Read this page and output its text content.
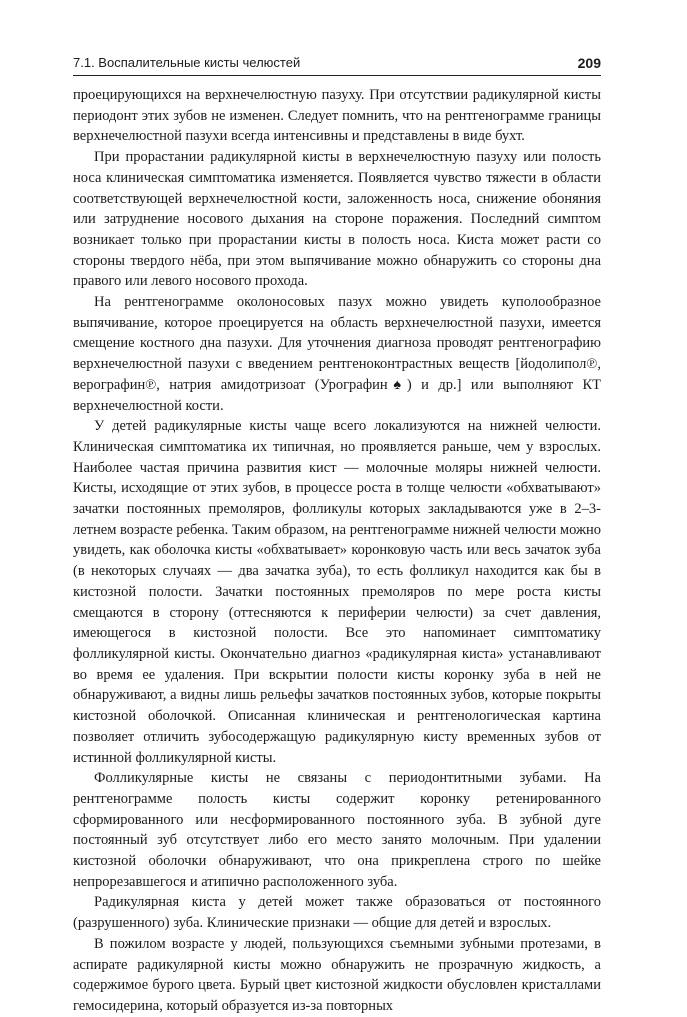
7.1. Воспалительные кисты челюстей	209

проецирующихся на верхнечелюстную пазуху. При отсутствии радикулярной кисты периодонт этих зубов не изменен. Следует помнить, что на рентгенограмме границы верхнечелюстной пазухи всегда интенсивны и представлены в виде бухт.

При прорастании радикулярной кисты в верхнечелюстную пазуху или полость носа клиническая симптоматика изменяется. Появляется чувство тяжести в области соответствующей верхнечелюстной кости, заложенность носа, снижение обоняния или затруднение носового дыхания на стороне поражения. Последний симптом возникает только при прорастании кисты в полость носа. Киста может расти со стороны твердого нёба, при этом выпячивание можно обнаружить со стороны дна правого или левого носового прохода.

На рентгенограмме околоносовых пазух можно увидеть куполообразное выпячивание, которое проецируется на область верхнечелюстной пазухи, имеется смещение костного дна пазухи. Для уточнения диагноза проводят рентгенографию верхнечелюстной пазухи с введением рентгеноконтрастных веществ [йодолипол℗, верографин℗, натрия амидотризоат (Урографин♠) и др.] или выполняют КТ верхнечелюстной кости.

У детей радикулярные кисты чаще всего локализуются на нижней челюсти. Клиническая симптоматика их типичная, но проявляется раньше, чем у взрослых. Наиболее частая причина развития кист — молочные моляры нижней челюсти. Кисты, исходящие от этих зубов, в процессе роста в толще челюсти «обхватывают» зачатки постоянных премоляров, фолликулы которых закладываются уже в 2–3-летнем возрасте ребенка. Таким образом, на рентгенограмме нижней челюсти можно увидеть, как оболочка кисты «обхватывает» коронковую часть или весь зачаток зуба (в некоторых случаях — два зачатка зуба), то есть фолликул находится как бы в кистозной полости. Зачатки постоянных премоляров по мере роста кисты смещаются в сторону (оттесняются к периферии челюсти) за счет давления, имеющегося в кистозной полости. Все это напоминает симптоматику фолликулярной кисты. Окончательно диагноз «радикулярная киста» устанавливают во время ее удаления. При вскрытии полости кисты коронку зуба в ней не обнаруживают, а видны лишь рельефы зачатков постоянных зубов, которые покрыты кистозной оболочкой. Описанная клиническая и рентгенологическая картина позволяет отличить зубосодержащую радикулярную кисту временных зубов от истинной фолликулярной кисты.

Фолликулярные кисты не связаны с периодонтитными зубами. На рентгенограмме полость кисты содержит коронку ретенированного сформированного или несформированного постоянного зуба. В зубной дуге постоянный зуб отсутствует либо его место занято молочным. При удалении кистозной оболочки обнаруживают, что она прикреплена строго по шейке непрорезавшегося и атипично расположенного зуба.

Радикулярная киста у детей может также образоваться от постоянного (разрушенного) зуба. Клинические признаки — общие для детей и взрослых.

В пожилом возрасте у людей, пользующихся съемными зубными протезами, в аспирате радикулярной кисты можно обнаружить не прозрачную жидкость, а содержимое бурого цвета. Бурый цвет кистозной жидкости обусловлен кристаллами гемосидерина, который образуется из-за повторных
